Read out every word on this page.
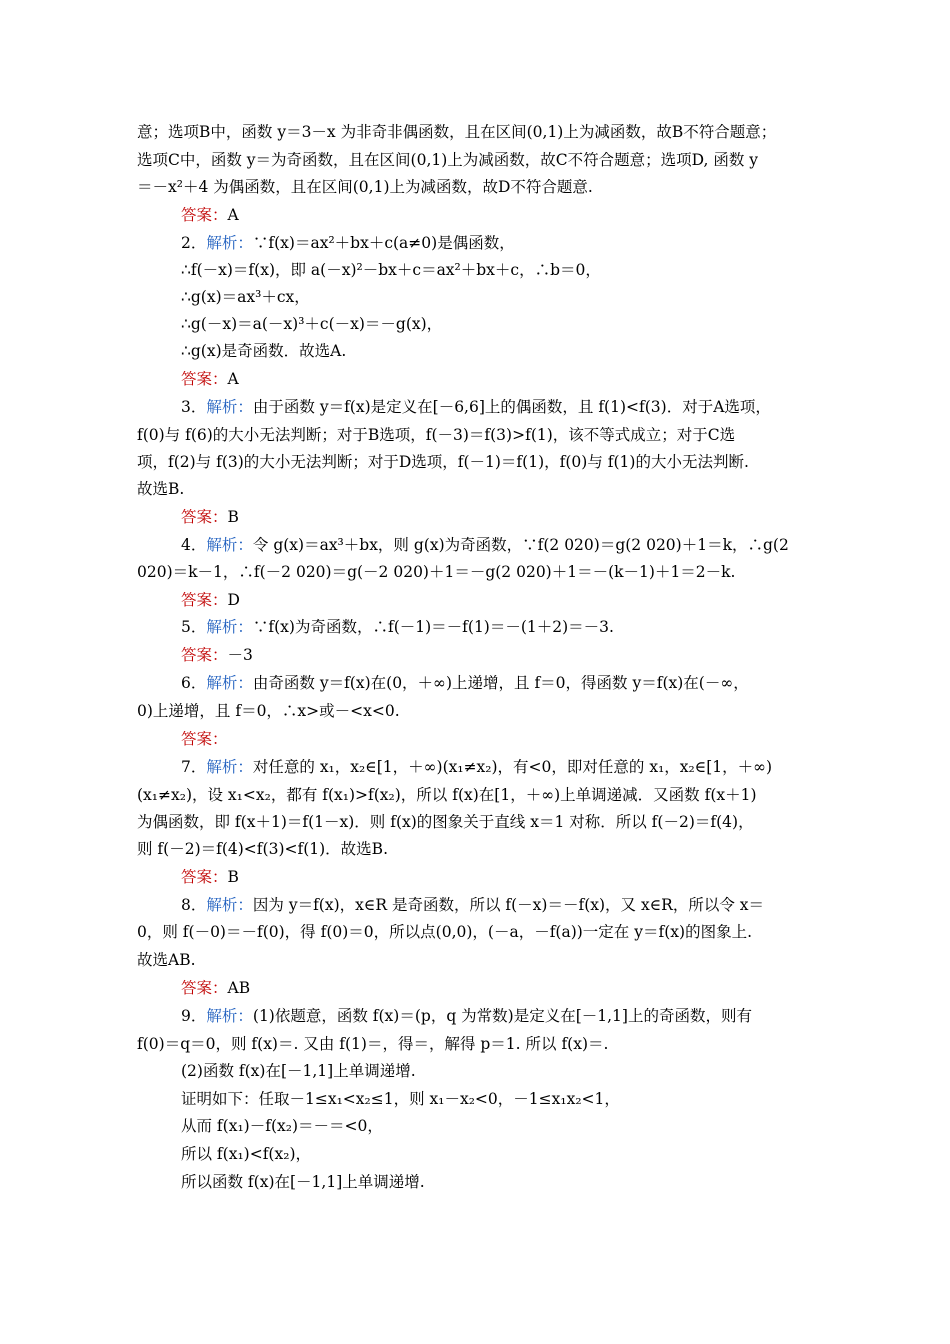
意；选项B中，函数 y＝3－x 为非奇非偶函数，且在区间(0,1)上为减函数，故B不符合题意；
选项C中，函数 y＝为奇函数，且在区间(0,1)上为减函数，故C不符合题意；选项D, 函数 y
＝－x²＋4 为偶函数，且在区间(0,1)上为减函数，故D不符合题意.
答案：A
2．解析：∵f(x)＝ax²＋bx＋c(a≠0)是偶函数，
∴f(－x)＝f(x)，即 a(－x)²－bx＋c＝ax²＋bx＋c，∴b＝0，
∴g(x)＝ax³＋cx，
∴g(－x)＝a(－x)³＋c(－x)＝－g(x)，
∴g(x)是奇函数．故选A.
答案：A
3．解析：由于函数 y＝f(x)是定义在[－6,6]上的偶函数，且 f(1)<f(3)．对于A选项，
f(0)与 f(6)的大小无法判断；对于B选项，f(－3)＝f(3)>f(1)，该不等式成立；对于C选
项，f(2)与 f(3)的大小无法判断；对于D选项，f(－1)＝f(1)，f(0)与 f(1)的大小无法判断.
故选B.
答案：B
4．解析：令 g(x)＝ax³＋bx，则 g(x)为奇函数，∵f(2 020)＝g(2 020)＋1＝k，∴g(2
020)＝k－1，∴f(－2 020)＝g(－2 020)＋1＝－g(2 020)＋1＝－(k－1)＋1＝2－k.
答案：D
5．解析：∵f(x)为奇函数，∴f(－1)＝－f(1)＝－(1＋2)＝－3.
答案：－3
6．解析：由奇函数 y＝f(x)在(0，＋∞)上递增，且 f＝0，得函数 y＝f(x)在(－∞，
0)上递增，且 f＝0，∴x>或－<x<0.
答案：
7．解析：对任意的 x₁，x₂∈[1，＋∞)(x₁≠x₂)，有<0，即对任意的 x₁，x₂∈[1，＋∞)
(x₁≠x₂)，设 x₁<x₂，都有 f(x₁)>f(x₂)，所以 f(x)在[1，＋∞)上单调递减．又函数 f(x＋1)
为偶函数，即 f(x＋1)＝f(1－x)．则 f(x)的图象关于直线 x＝1 对称．所以 f(－2)＝f(4)，
则 f(－2)＝f(4)<f(3)<f(1)．故选B.
答案：B
8．解析：因为 y＝f(x)，x∈R 是奇函数，所以 f(－x)＝－f(x)，又 x∈R，所以令 x＝
0，则 f(－0)＝－f(0)，得 f(0)＝0，所以点(0,0)，(－a，－f(a))一定在 y＝f(x)的图象上.
故选AB.
答案：AB
9．解析：(1)依题意，函数 f(x)＝(p，q 为常数)是定义在[－1,1]上的奇函数，则有
f(0)＝q＝0，则 f(x)＝. 又由 f(1)＝，得＝，解得 p＝1. 所以 f(x)＝.
(2)函数 f(x)在[－1,1]上单调递增.
证明如下：任取－1≤x₁<x₂≤1，则 x₁－x₂<0，－1≤x₁x₂<1，
从而 f(x₁)－f(x₂)＝－＝<0，
所以 f(x₁)<f(x₂)，
所以函数 f(x)在[－1,1]上单调递增.
